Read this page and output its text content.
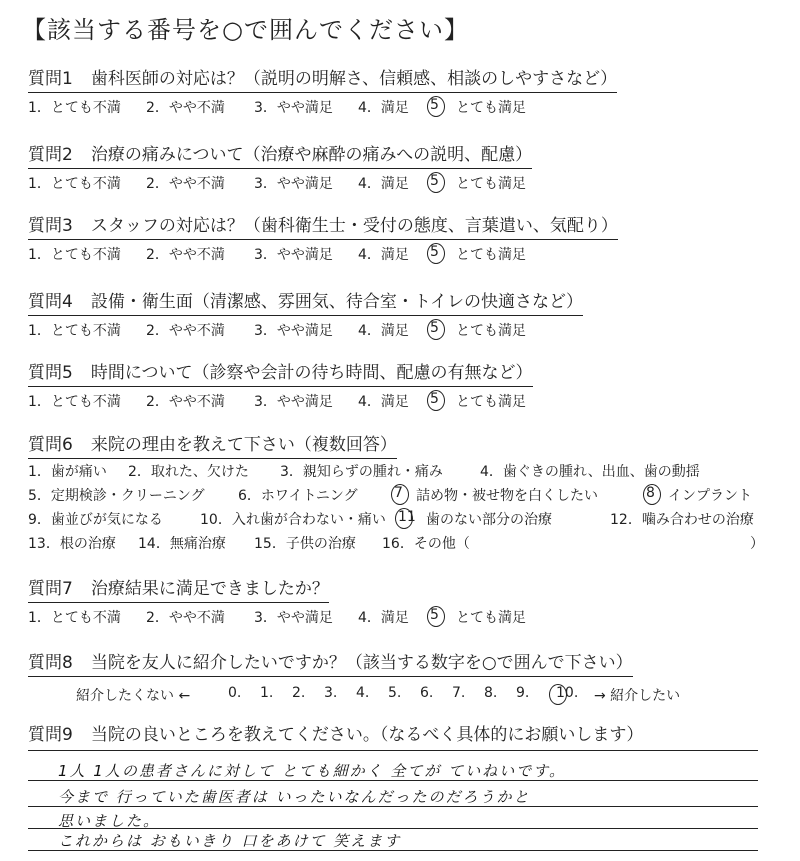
【該当する番号を○で囲んでください】
質問1 歯科医師の対応は？（説明の明解さ、信頼感、相談のしやすさなど）
1．とても不満 2．やや不満 3．やや満足 4．満足 5 とても満足
質問2 治療の痛みについて（治療や麻酔の痛みへの説明、配慮）
1．とても不満 2．やや不満 3．やや満足 4．満足 5 とても満足
質問3 スタッフの対応は？（歯科衛生士・受付の態度、言葉遣い、気配り）
1．とても不満 2．やや不満 3．やや満足 4．満足 5 とても満足
質問4 設備・衛生面（清潔感、雰囲気、待合室・トイレの快適さなど）
1．とても不満 2．やや不満 3．やや満足 4．満足 5 とても満足
質問5 時間について（診察や会計の待ち時間、配慮の有無など）
1．とても不満 2．やや不満 3．やや満足 4．満足 5 とても満足
質問6 来院の理由を教えて下さい（複数回答）
1．歯が痛い 2．取れた、欠けた 3．親知らずの腫れ・痛み	4．歯ぐきの腫れ、出血、歯の動揺
5．定期検診・クリーニング 6．ホワイトニング	7 詰め物・被せ物を白くしたい	8 インプラント
9．歯並びが気になる	10．入れ歯が合わない・痛い 11 歯のない部分の治療	12．噛み合わせの治療
13．根の治療 14．無痛治療 15．子供の治療 16．その他（	）
質問7 治療結果に満足できましたか？
1．とても不満 2．やや不満 3．やや満足 4．満足 5 とても満足
質問8 当院を友人に紹介したいですか？（該当する数字を○で囲んで下さい）
紹介したくない ←	0. 1. 2. 3. 4. 5. 6. 7. 8. 9. 10. → 紹介したい
質問9 当院の良いところを教えてください。（なるべく具体的にお願いします）
1人 1人の患者さんに対して とても細かく 全てが ていねいです。
今まで 行っていた歯医者は いったいなんだったのだろうかと
思いました。
これからは おもいきり 口をあけて 笑えます
